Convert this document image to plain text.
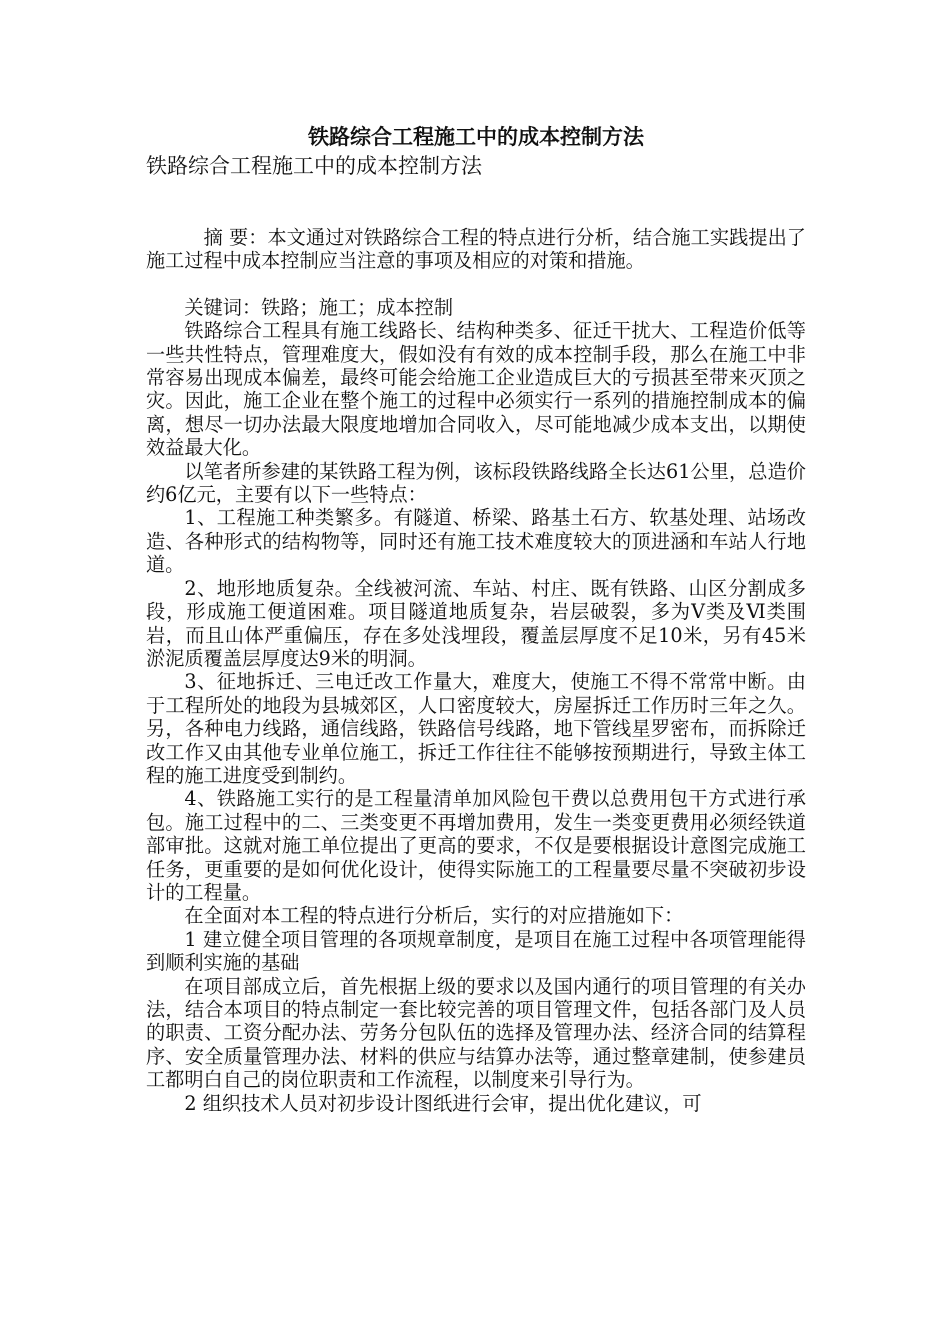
铁路综合工程施工中的成本控制方法

铁路综合工程施工中的成本控制方法

摘 要：本文通过对铁路综合工程的特点进行分析，结合施工实践提出了施工过程中成本控制应当注意的事项及相应的对策和措施。

关键词：铁路；施工；成本控制

铁路综合工程具有施工线路长、结构种类多、征迁干扰大、工程造价低等一些共性特点，管理难度大，假如没有有效的成本控制手段，那么在施工中非常容易出现成本偏差，最终可能会给施工企业造成巨大的亏损甚至带来灭顶之灾。因此，施工企业在整个施工的过程中必须实行一系列的措施控制成本的偏离，想尽一切办法最大限度地增加合同收入，尽可能地减少成本支出，以期使效益最大化。

以笔者所参建的某铁路工程为例，该标段铁路线路全长达61公里，总造价约6亿元，主要有以下一些特点：

1、工程施工种类繁多。有隧道、桥梁、路基土石方、软基处理、站场改造、各种形式的结构物等，同时还有施工技术难度较大的顶进涵和车站人行地道。

2、地形地质复杂。全线被河流、车站、村庄、既有铁路、山区分割成多段，形成施工便道困难。项目隧道地质复杂，岩层破裂，多为Ⅴ类及Ⅵ类围岩，而且山体严重偏压，存在多处浅埋段，覆盖层厚度不足10米，另有45米淤泥质覆盖层厚度达9米的明洞。

3、征地拆迁、三电迁改工作量大，难度大，使施工不得不常常中断。由于工程所处的地段为县城郊区，人口密度较大，房屋拆迁工作历时三年之久。另，各种电力线路，通信线路，铁路信号线路，地下管线星罗密布，而拆除迁改工作又由其他专业单位施工，拆迁工作往往不能够按预期进行，导致主体工程的施工进度受到制约。

4、铁路施工实行的是工程量清单加风险包干费以总费用包干方式进行承包。施工过程中的二、三类变更不再增加费用，发生一类变更费用必须经铁道部审批。这就对施工单位提出了更高的要求，不仅是要根据设计意图完成施工任务，更重要的是如何优化设计，使得实际施工的工程量要尽量不突破初步设计的工程量。

在全面对本工程的特点进行分析后，实行的对应措施如下：

1 建立健全项目管理的各项规章制度，是项目在施工过程中各项管理能得到顺利实施的基础

在项目部成立后，首先根据上级的要求以及国内通行的项目管理的有关办法，结合本项目的特点制定一套比较完善的项目管理文件，包括各部门及人员的职责、工资分配办法、劳务分包队伍的选择及管理办法、经济合同的结算程序、安全质量管理办法、材料的供应与结算办法等，通过整章建制，使参建员工都明白自己的岗位职责和工作流程，以制度来引导行为。

2 组织技术人员对初步设计图纸进行会审，提出优化建议，可
